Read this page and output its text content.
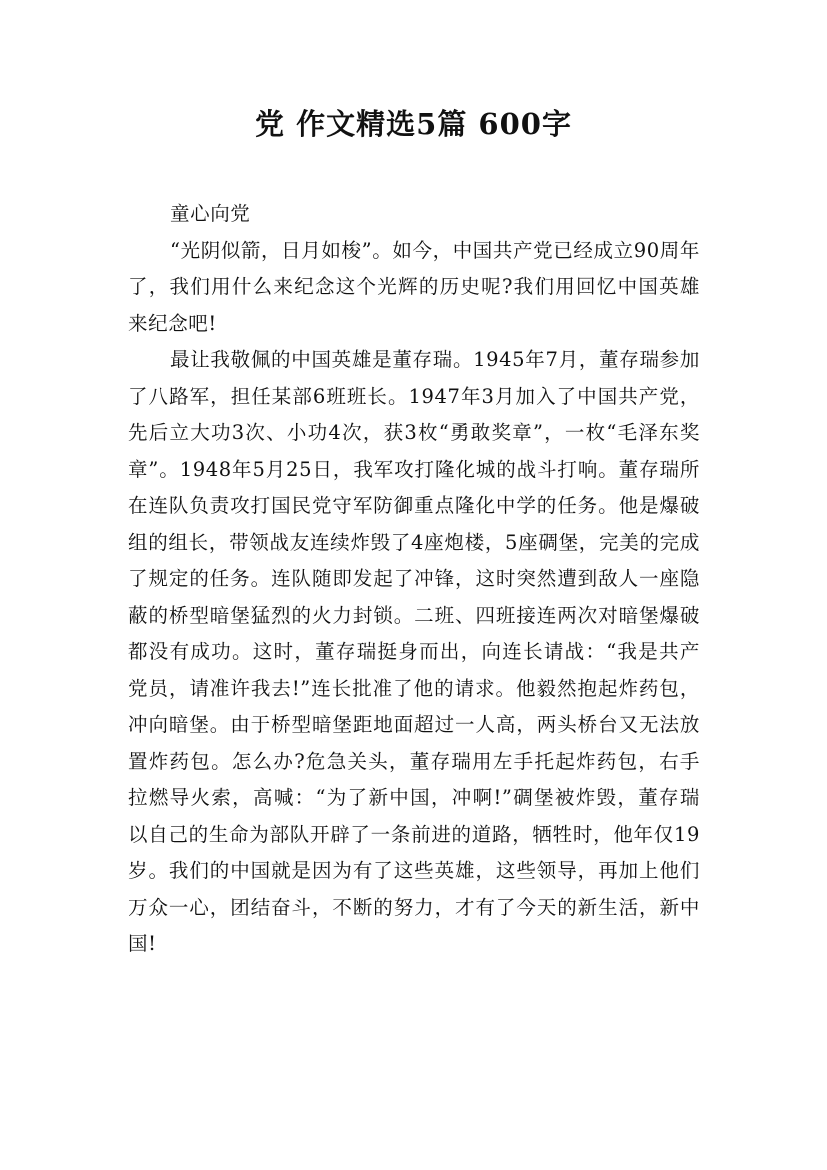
党 作文精选5篇 600字

童心向党

“光阴似箭，日月如梭”。如今，中国共产党已经成立90周年了，我们用什么来纪念这个光辉的历史呢?我们用回忆中国英雄来纪念吧!

最让我敬佩的中国英雄是董存瑞。1945年7月，董存瑞参加了八路军，担任某部6班班长。1947年3月加入了中国共产党，先后立大功3次、小功4次，获3枚“勇敢奖章”，一枚“毛泽东奖章”。1948年5月25日，我军攻打隆化城的战斗打响。董存瑞所在连队负责攻打国民党守军防御重点隆化中学的任务。他是爆破组的组长，带领战友连续炸毁了4座炮楼，5座碉堡，完美的完成了规定的任务。连队随即发起了冲锋，这时突然遭到敌人一座隐蔽的桥型暗堡猛烈的火力封锁。二班、四班接连两次对暗堡爆破都没有成功。这时，董存瑞挺身而出，向连长请战：“我是共产党员，请准许我去!”连长批准了他的请求。他毅然抱起炸药包，冲向暗堡。由于桥型暗堡距地面超过一人高，两头桥台又无法放置炸药包。怎么办?危急关头，董存瑞用左手托起炸药包，右手拉燃导火索，高喊：“为了新中国，冲啊!”碉堡被炸毁，董存瑞以自己的生命为部队开辟了一条前进的道路，牺牲时，他年仅19岁。我们的中国就是因为有了这些英雄，这些领导，再加上他们万众一心，团结奋斗，不断的努力，才有了今天的新生活，新中国!
